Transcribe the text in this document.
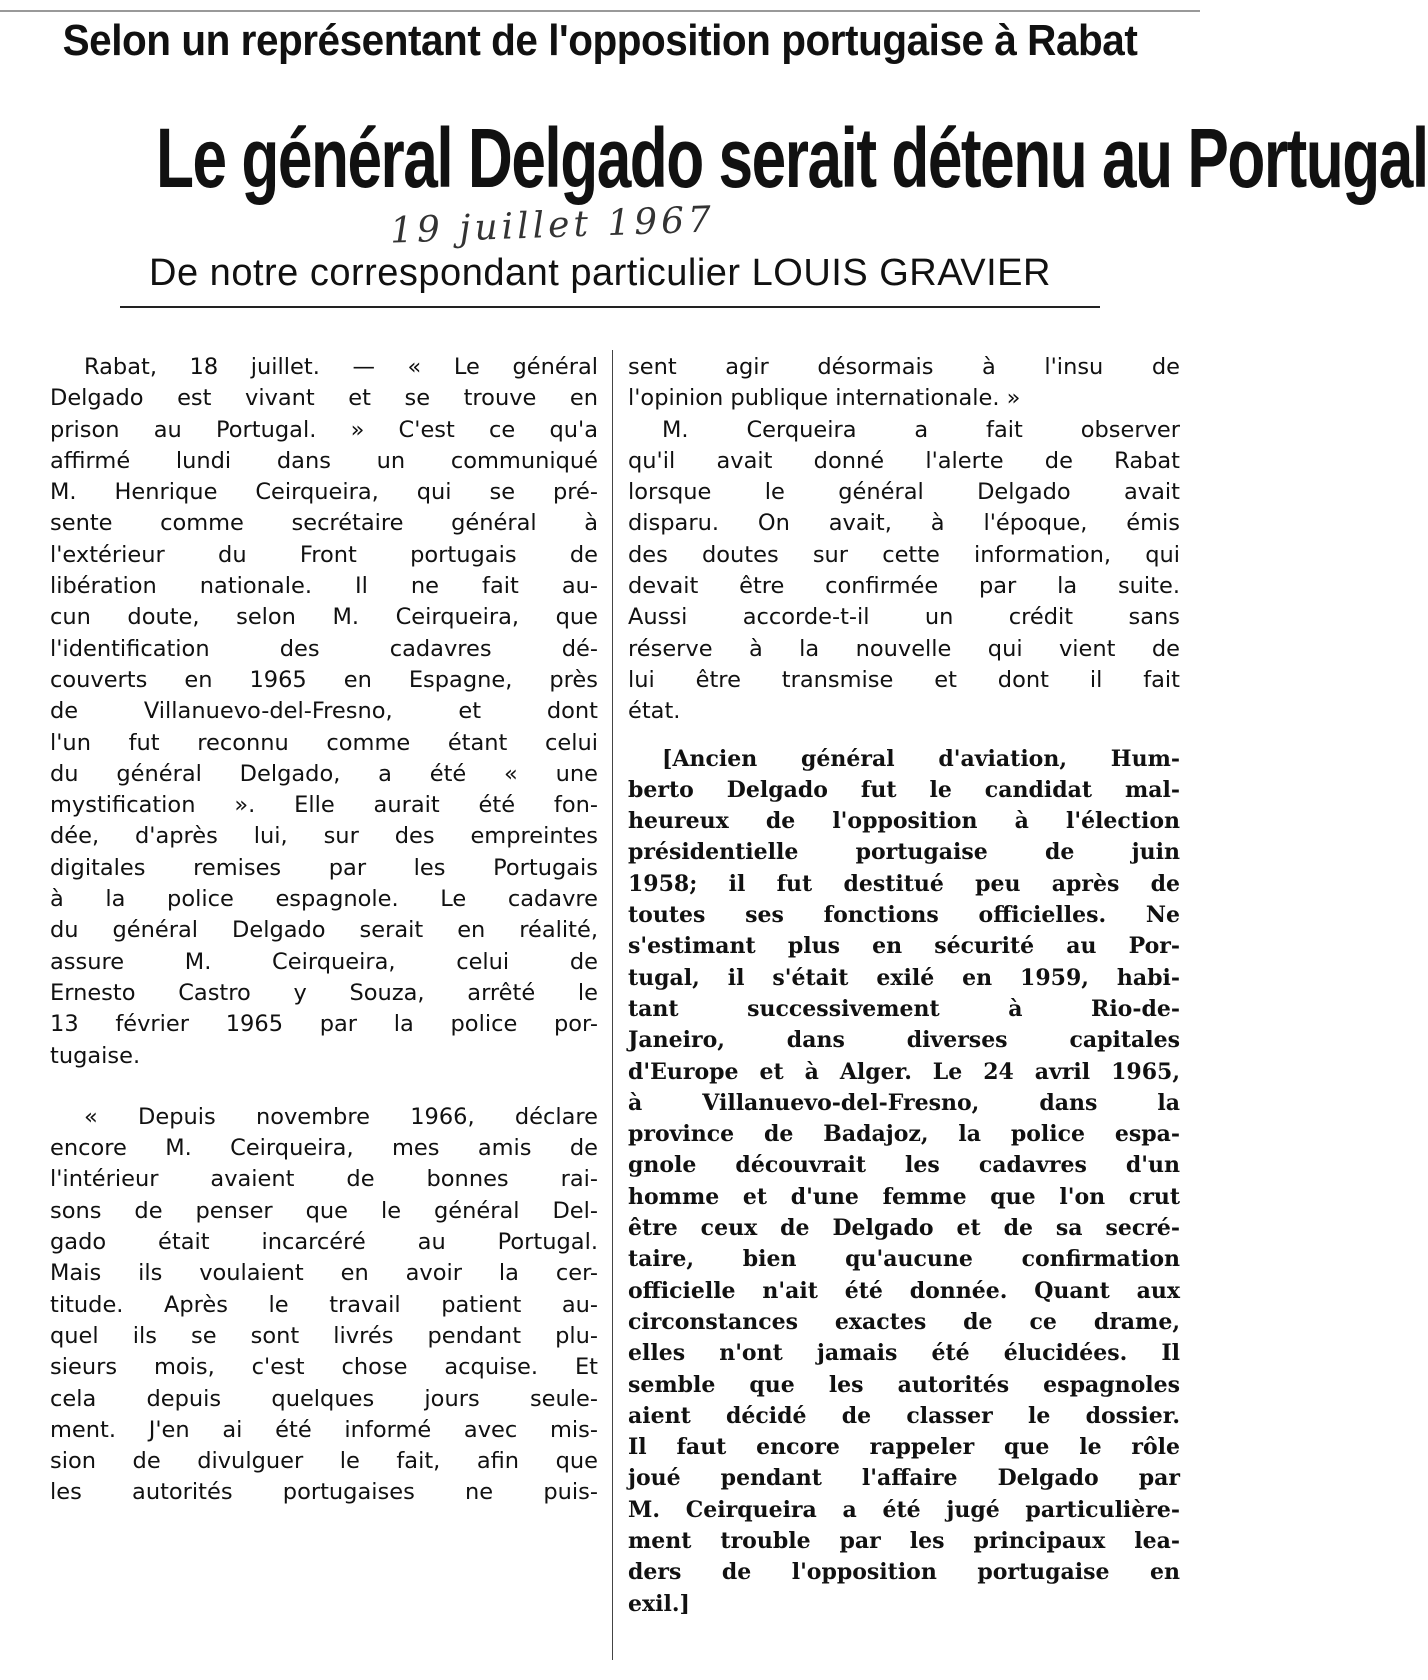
Selon un représentant de l'opposition portugaise à Rabat
Le général Delgado serait détenu au Portugal
19 juillet 1967
De notre correspondant particulier LOUIS GRAVIER
Rabat, 18 juillet. — « Le général
Delgado est vivant et se trouve en
prison au Portugal. » C'est ce qu'a
affirmé lundi dans un communiqué
M. Henrique Ceirqueira, qui se pré-
sente comme secrétaire général à
l'extérieur du Front portugais de
libération nationale. Il ne fait au-
cun doute, selon M. Ceirqueira, que
l'identification des cadavres dé-
couverts en 1965 en Espagne, près
de Villanuevo-del-Fresno, et dont
l'un fut reconnu comme étant celui
du général Delgado, a été « une
mystification ». Elle aurait été fon-
dée, d'après lui, sur des empreintes
digitales remises par les Portugais
à la police espagnole. Le cadavre
du général Delgado serait en réalité,
assure M. Ceirqueira, celui de
Ernesto Castro y Souza, arrêté le
13 février 1965 par la police por-
tugaise.
« Depuis novembre 1966, déclare
encore M. Ceirqueira, mes amis de
l'intérieur avaient de bonnes rai-
sons de penser que le général Del-
gado était incarcéré au Portugal.
Mais ils voulaient en avoir la cer-
titude. Après le travail patient au-
quel ils se sont livrés pendant plu-
sieurs mois, c'est chose acquise. Et
cela depuis quelques jours seule-
ment. J'en ai été informé avec mis-
sion de divulguer le fait, afin que
les autorités portugaises ne puis-
sent agir désormais à l'insu de
l'opinion publique internationale. »
M. Cerqueira a fait observer
qu'il avait donné l'alerte de Rabat
lorsque le général Delgado avait
disparu. On avait, à l'époque, émis
des doutes sur cette information, qui
devait être confirmée par la suite.
Aussi accorde-t-il un crédit sans
réserve à la nouvelle qui vient de
lui être transmise et dont il fait
état.
[Ancien général d'aviation, Hum-
berto Delgado fut le candidat mal-
heureux de l'opposition à l'élection
présidentielle portugaise de juin
1958; il fut destitué peu après de
toutes ses fonctions officielles. Ne
s'estimant plus en sécurité au Por-
tugal, il s'était exilé en 1959, habi-
tant successivement à Rio-de-
Janeiro, dans diverses capitales
d'Europe et à Alger. Le 24 avril 1965,
à Villanuevo-del-Fresno, dans la
province de Badajoz, la police espa-
gnole découvrait les cadavres d'un
homme et d'une femme que l'on crut
être ceux de Delgado et de sa secré-
taire, bien qu'aucune confirmation
officielle n'ait été donnée. Quant aux
circonstances exactes de ce drame,
elles n'ont jamais été élucidées. Il
semble que les autorités espagnoles
aient décidé de classer le dossier.
Il faut encore rappeler que le rôle
joué pendant l'affaire Delgado par
M. Ceirqueira a été jugé particulière-
ment trouble par les principaux lea-
ders de l'opposition portugaise en
exil.]
